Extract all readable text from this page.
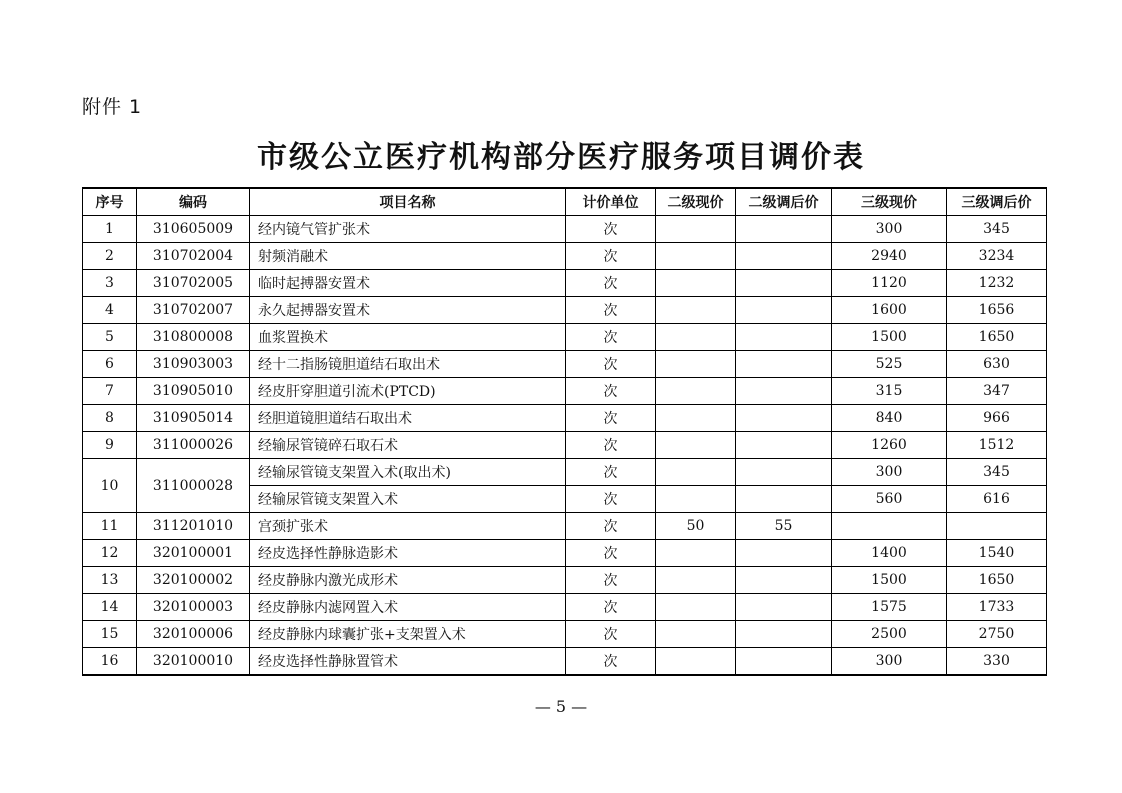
附件 1
市级公立医疗机构部分医疗服务项目调价表
序号	编码	项目名称	计价单位	二级现价	二级调后价	三级现价	三级调后价
1	310605009	经内镜气管扩张术	次			300	345
2	310702004	射频消融术	次			2940	3234
3	310702005	临时起搏器安置术	次			1120	1232
4	310702007	永久起搏器安置术	次			1600	1656
5	310800008	血浆置换术	次			1500	1650
6	310903003	经十二指肠镜胆道结石取出术	次			525	630
7	310905010	经皮肝穿胆道引流术(PTCD)	次			315	347
8	310905014	经胆道镜胆道结石取出术	次			840	966
9	311000026	经输尿管镜碎石取石术	次			1260	1512
10	311000028	经输尿管镜支架置入术(取出术)	次			300	345
		经输尿管镜支架置入术	次			560	616
11	311201010	宫颈扩张术	次	50	55		
12	320100001	经皮选择性静脉造影术	次			1400	1540
13	320100002	经皮静脉内激光成形术	次			1500	1650
14	320100003	经皮静脉内滤网置入术	次			1575	1733
15	320100006	经皮静脉内球囊扩张+支架置入术	次			2500	2750
16	320100010	经皮选择性静脉置管术	次			300	330
— 5 —
